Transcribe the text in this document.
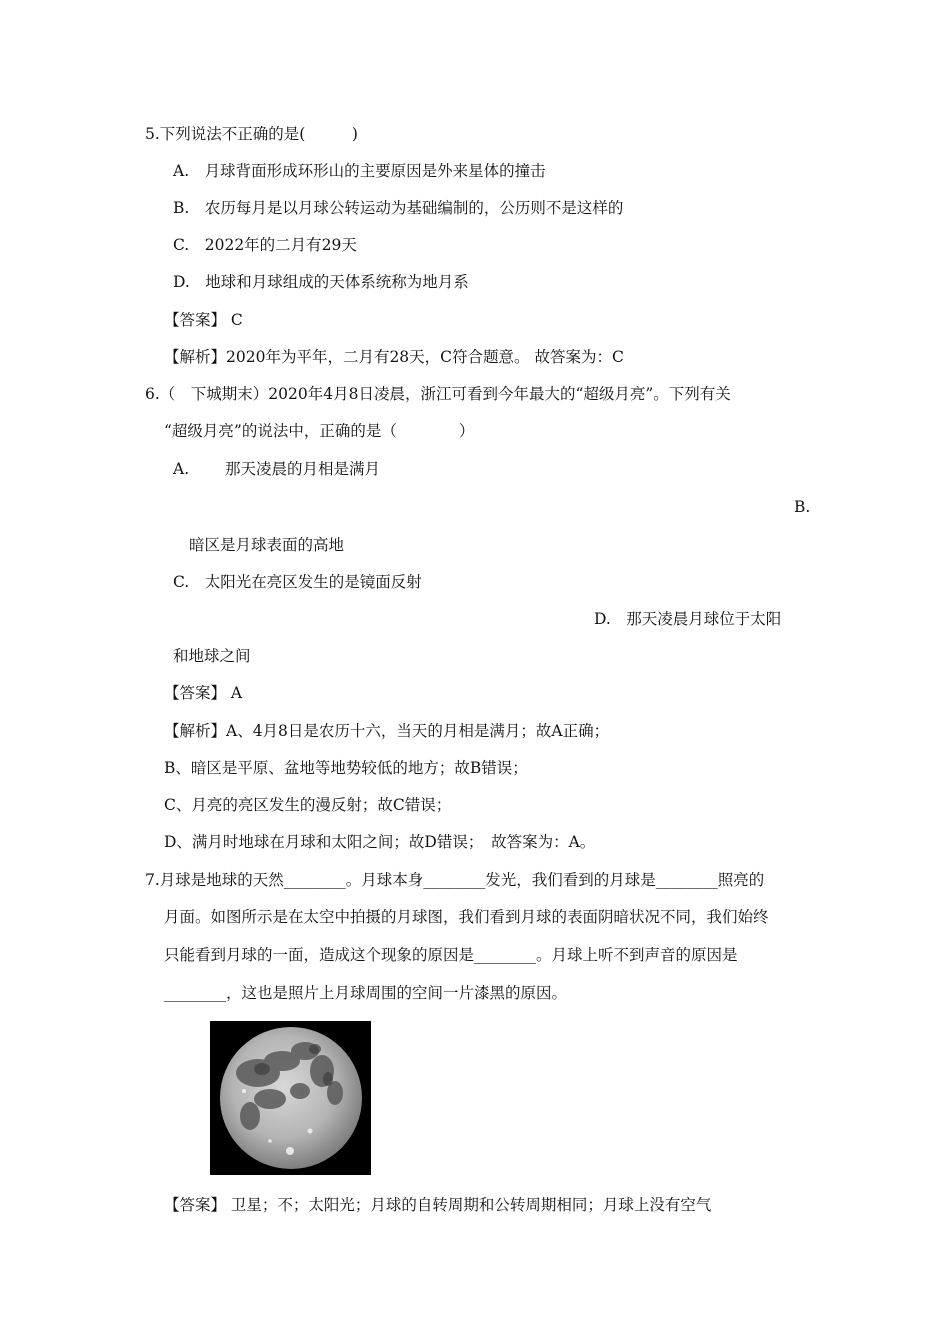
5.下列说法不正确的是(　　　)
A.　月球背面形成环形山的主要原因是外来星体的撞击
B.　农历每月是以月球公转运动为基础编制的，公历则不是这样的
C.　2022年的二月有29天
D.　地球和月球组成的天体系统称为地月系
【答案】 C
【解析】2020年为平年，二月有28天，C符合题意。 故答案为：C
6.（　下城期末）2020年4月8日凌晨，浙江可看到今年最大的“超级月亮”。下列有关
“超级月亮”的说法中，正确的是（　　　　）
A.　　 那天凌晨的月相是满月
B.
暗区是月球表面的高地
C.　太阳光在亮区发生的是镜面反射
D.　那天凌晨月球位于太阳
和地球之间
【答案】 A
【解析】A、4月8日是农历十六，当天的月相是满月；故A正确；
B、暗区是平原、盆地等地势较低的地方；故B错误；
C、月亮的亮区发生的漫反射；故C错误；
D、满月时地球在月球和太阳之间；故D错误；　故答案为：A。
7.月球是地球的天然________。月球本身________发光，我们看到的月球是________照亮的
月面。如图所示是在太空中拍摄的月球图，我们看到月球的表面阴暗状况不同，我们始终
只能看到月球的一面，造成这个现象的原因是________。月球上听不到声音的原因是
________，这也是照片上月球周围的空间一片漆黑的原因。
【答案】 卫星；不；太阳光；月球的自转周期和公转周期相同；月球上没有空气
